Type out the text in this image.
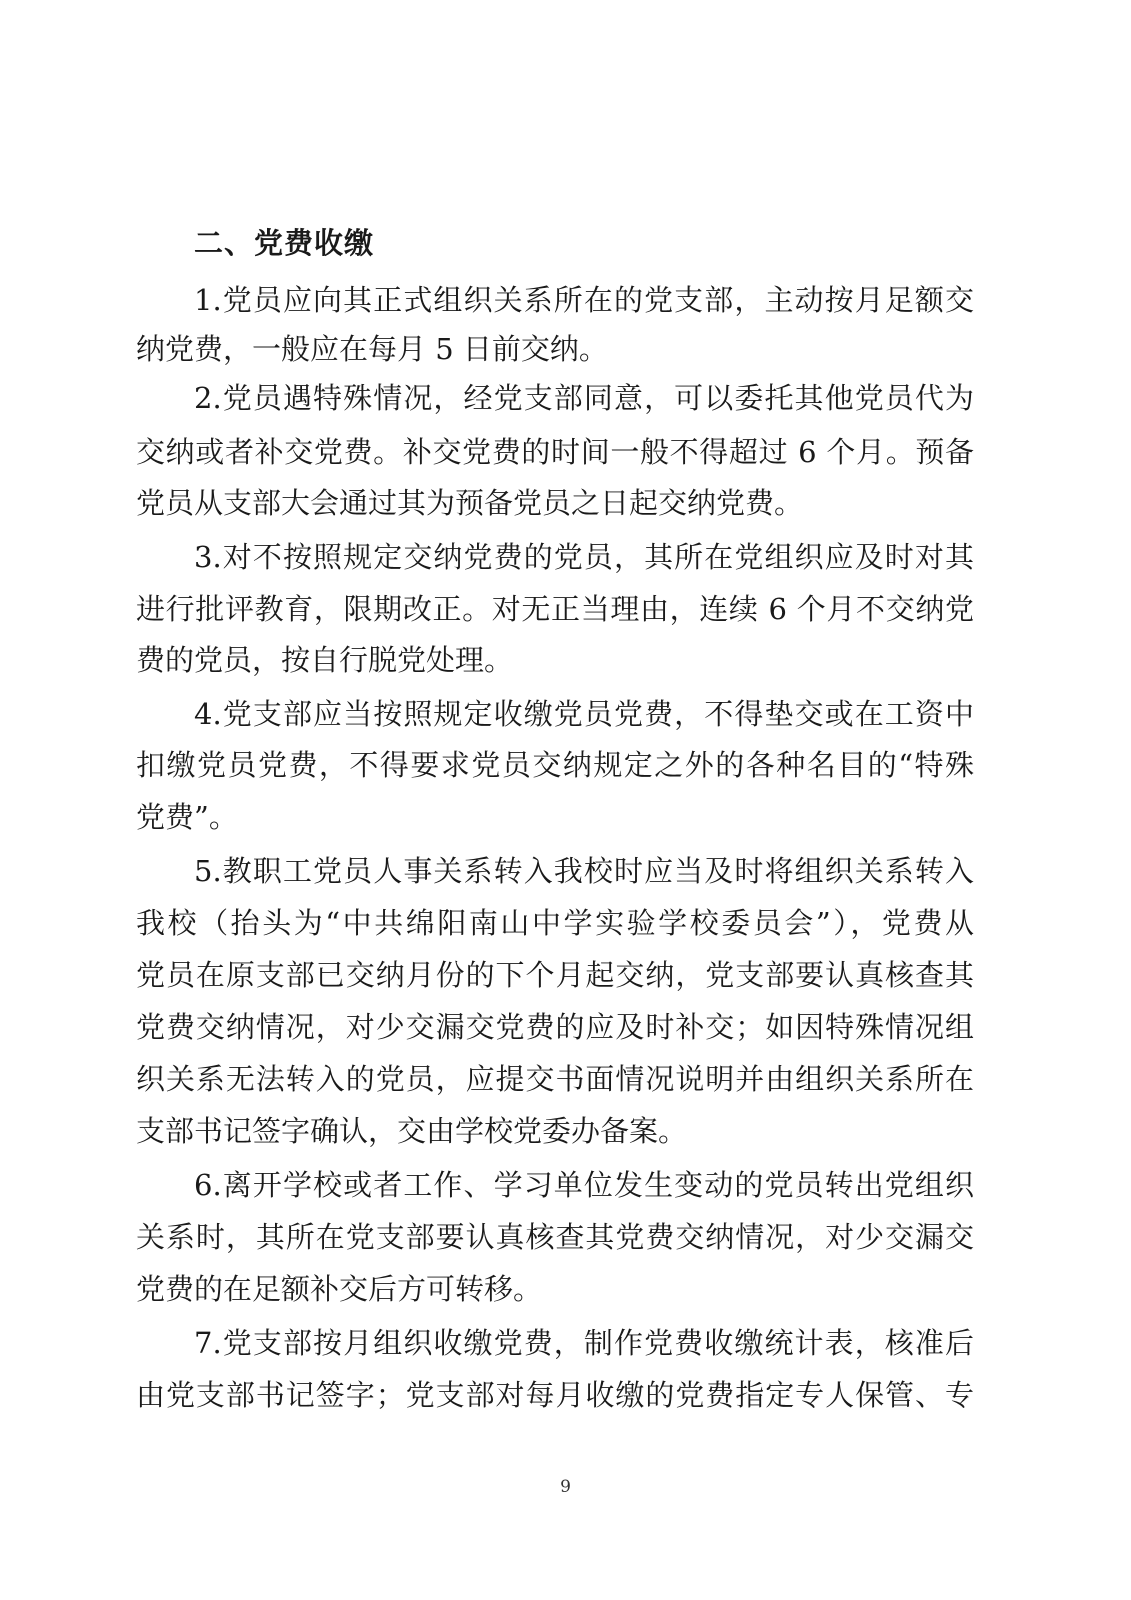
二、党费收缴
1.党员应向其正式组织关系所在的党支部，主动按月足额交
纳党费，一般应在每月 5 日前交纳。
2.党员遇特殊情况，经党支部同意，可以委托其他党员代为
交纳或者补交党费。补交党费的时间一般不得超过 6 个月。预备
党员从支部大会通过其为预备党员之日起交纳党费。
3.对不按照规定交纳党费的党员，其所在党组织应及时对其
进行批评教育，限期改正。对无正当理由，连续 6 个月不交纳党
费的党员，按自行脱党处理。
4.党支部应当按照规定收缴党员党费，不得垫交或在工资中
扣缴党员党费，不得要求党员交纳规定之外的各种名目的“特殊
党费”。
5.教职工党员人事关系转入我校时应当及时将组织关系转入
我校（抬头为“中共绵阳南山中学实验学校委员会”），党费从
党员在原支部已交纳月份的下个月起交纳，党支部要认真核查其
党费交纳情况，对少交漏交党费的应及时补交；如因特殊情况组
织关系无法转入的党员，应提交书面情况说明并由组织关系所在
支部书记签字确认，交由学校党委办备案。
6.离开学校或者工作、学习单位发生变动的党员转出党组织
关系时，其所在党支部要认真核查其党费交纳情况，对少交漏交
党费的在足额补交后方可转移。
7.党支部按月组织收缴党费，制作党费收缴统计表，核准后
由党支部书记签字；党支部对每月收缴的党费指定专人保管、专
9
